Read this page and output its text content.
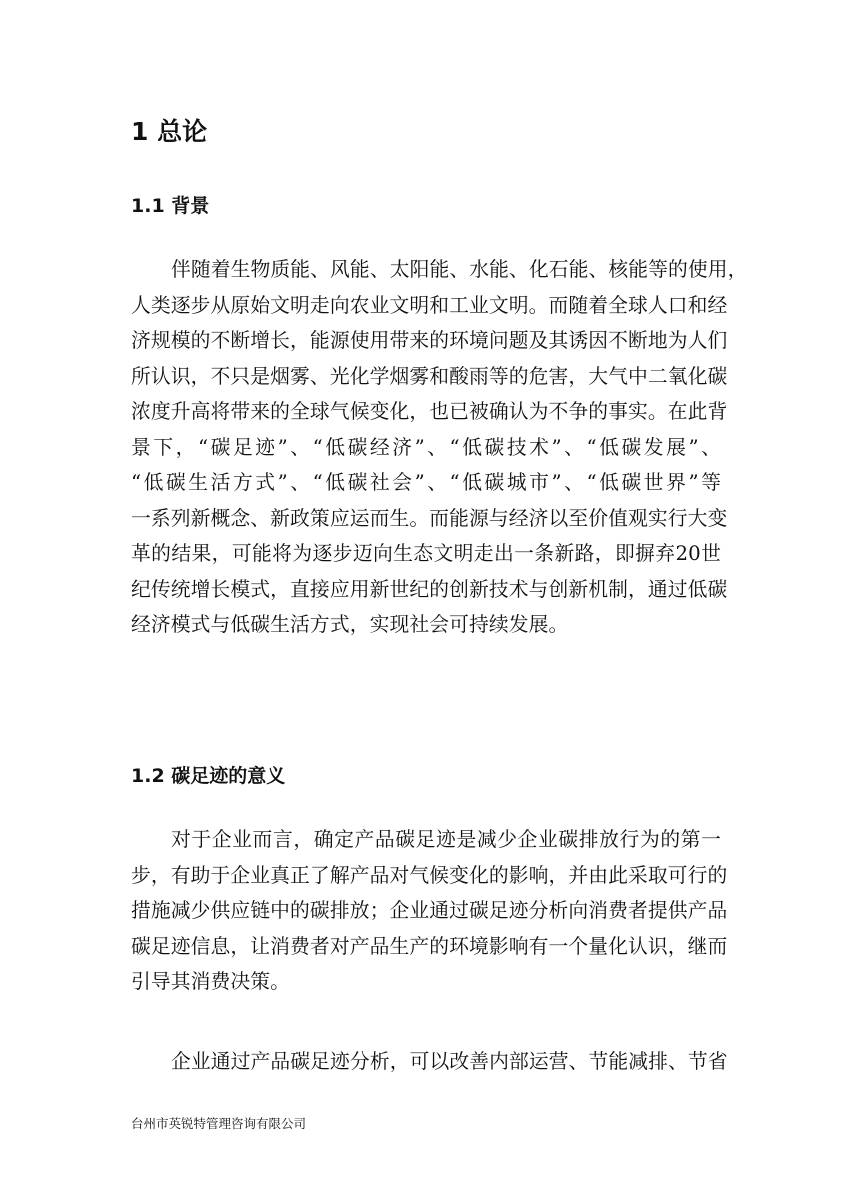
1 总论
1.1 背景
伴随着生物质能、风能、太阳能、水能、化石能、核能等的使用，
人类逐步从原始文明走向农业文明和工业文明。而随着全球人口和经
济规模的不断增长，能源使用带来的环境问题及其诱因不断地为人们
所认识，不只是烟雾、光化学烟雾和酸雨等的危害，大气中二氧化碳
浓度升高将带来的全球气候变化，也已被确认为不争的事实。在此背
景下，“碳足迹”、“低碳经济”、“低碳技术”、“低碳发展”、
“低碳生活方式”、“低碳社会”、“低碳城市”、“低碳世界”等
一系列新概念、新政策应运而生。而能源与经济以至价值观实行大变
革的结果，可能将为逐步迈向生态文明走出一条新路，即摒弃20世
纪传统增长模式，直接应用新世纪的创新技术与创新机制，通过低碳
经济模式与低碳生活方式，实现社会可持续发展。
1.2 碳足迹的意义
对于企业而言，确定产品碳足迹是减少企业碳排放行为的第一
步，有助于企业真正了解产品对气候变化的影响，并由此采取可行的
措施减少供应链中的碳排放；企业通过碳足迹分析向消费者提供产品
碳足迹信息，让消费者对产品生产的环境影响有一个量化认识，继而
引导其消费决策。
企业通过产品碳足迹分析，可以改善内部运营、节能减排、节省
台州市英锐特管理咨询有限公司
